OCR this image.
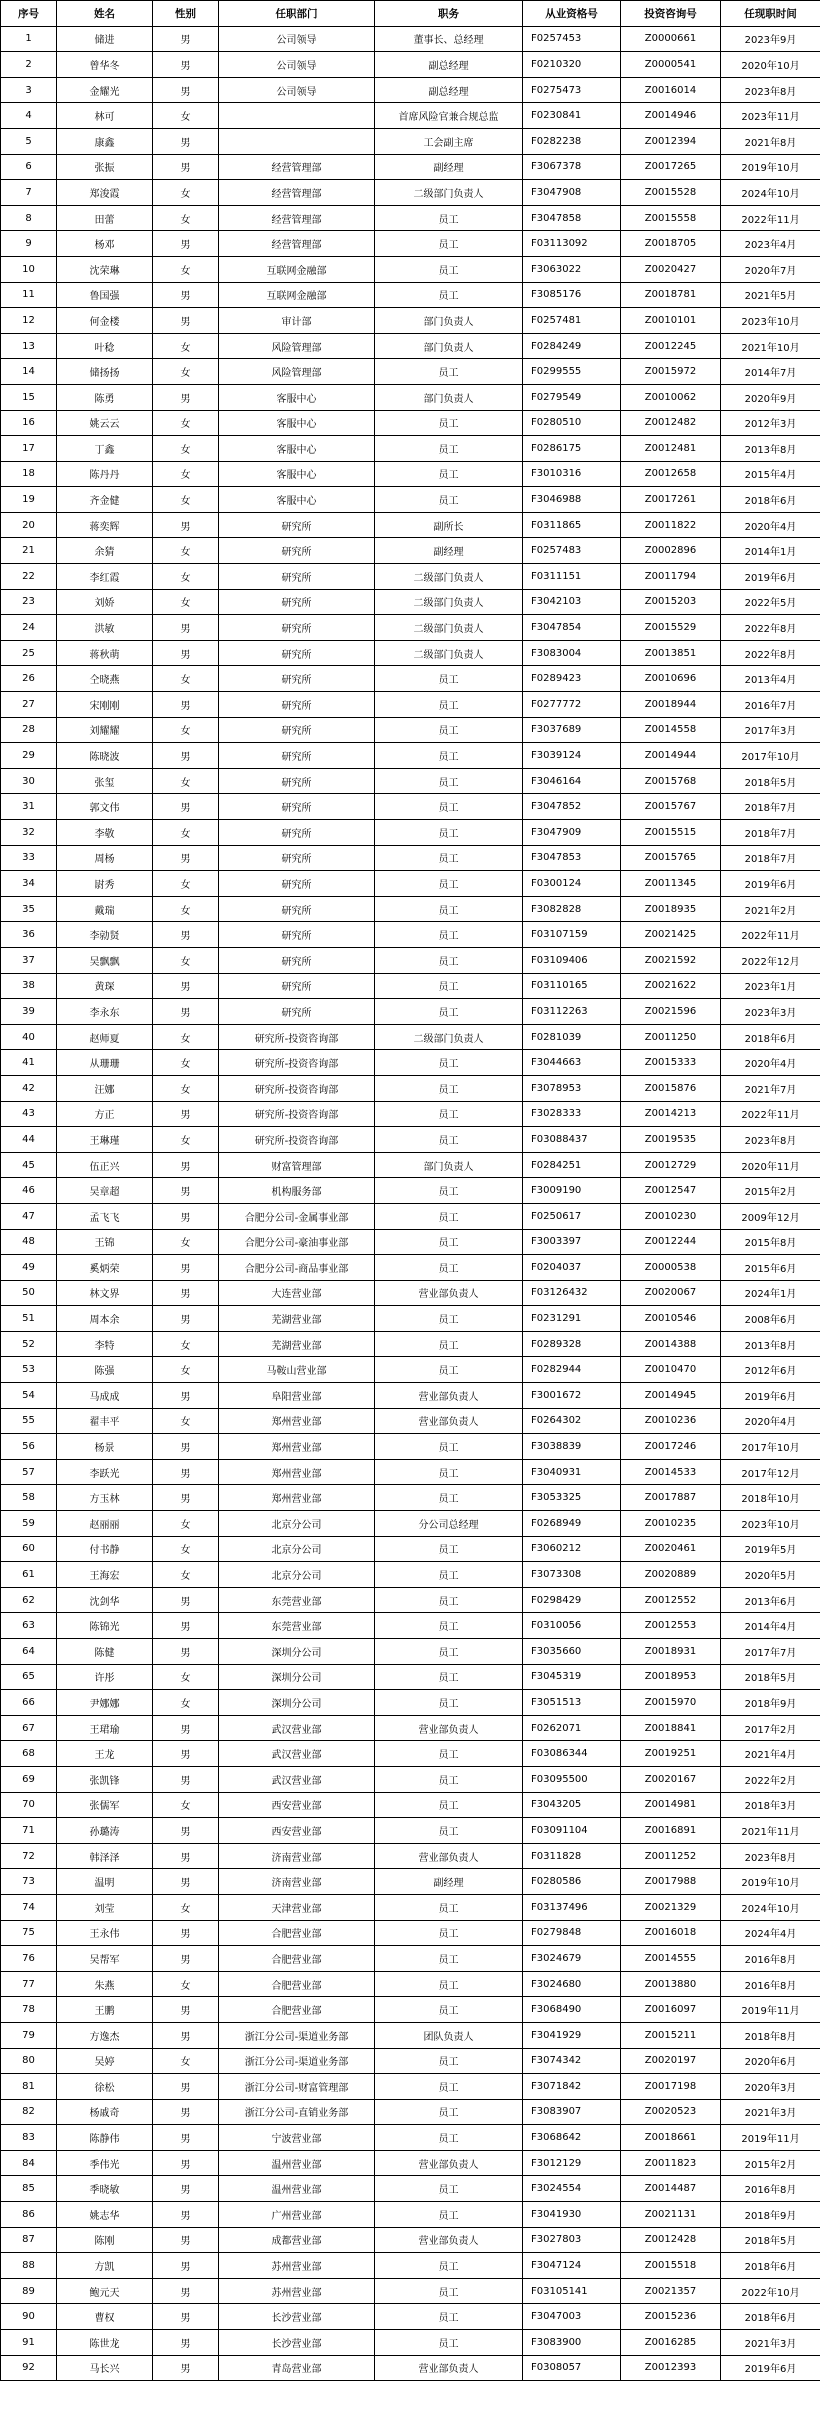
序号	姓名	性别	任职部门	职务	从业资格号	投资咨询号	任现职时间
1	储进	男	公司领导	董事长、总经理	F0257453	Z0000661	2023年9月
2	曾华冬	男	公司领导	副总经理	F0210320	Z0000541	2020年10月
3	金耀光	男	公司领导	副总经理	F0275473	Z0016014	2023年8月
4	林可	女		首席风险官兼合规总监	F0230841	Z0014946	2023年11月
5	康鑫	男		工会副主席	F0282238	Z0012394	2021年8月
6	张振	男	经营管理部	副经理	F3067378	Z0017265	2019年10月
7	郑浚霞	女	经营管理部	二级部门负责人	F3047908	Z0015528	2024年10月
8	田蕾	女	经营管理部	员工	F3047858	Z0015558	2022年11月
9	杨邓	男	经营管理部	员工	F03113092	Z0018705	2023年4月
10	沈荣琳	女	互联网金融部	员工	F3063022	Z0020427	2020年7月
11	鲁国强	男	互联网金融部	员工	F3085176	Z0018781	2021年5月
12	何金楼	男	审计部	部门负责人	F0257481	Z0010101	2023年10月
13	叶稔	女	风险管理部	部门负责人	F0284249	Z0012245	2021年10月
14	储扬扬	女	风险管理部	员工	F0299555	Z0015972	2014年7月
15	陈勇	男	客服中心	部门负责人	F0279549	Z0010062	2020年9月
16	姚云云	女	客服中心	员工	F0280510	Z0012482	2012年3月
17	丁鑫	女	客服中心	员工	F0286175	Z0012481	2013年8月
18	陈丹丹	女	客服中心	员工	F3010316	Z0012658	2015年4月
19	齐金健	女	客服中心	员工	F3046988	Z0017261	2018年6月
20	蒋奕辉	男	研究所	副所长	F0311865	Z0011822	2020年4月
21	余猜	女	研究所	副经理	F0257483	Z0002896	2014年1月
22	李红霞	女	研究所	二级部门负责人	F0311151	Z0011794	2019年6月
23	刘娇	女	研究所	二级部门负责人	F3042103	Z0015203	2022年5月
24	洪敏	男	研究所	二级部门负责人	F3047854	Z0015529	2022年8月
25	蒋秋萌	男	研究所	二级部门负责人	F3083004	Z0013851	2022年8月
26	仝晓燕	女	研究所	员工	F0289423	Z0010696	2013年4月
27	宋刚刚	男	研究所	员工	F0277772	Z0018944	2016年7月
28	刘耀耀	女	研究所	员工	F3037689	Z0014558	2017年3月
29	陈晓波	男	研究所	员工	F3039124	Z0014944	2017年10月
30	张玺	女	研究所	员工	F3046164	Z0015768	2018年5月
31	郭文伟	男	研究所	员工	F3047852	Z0015767	2018年7月
32	李敬	女	研究所	员工	F3047909	Z0015515	2018年7月
33	周杨	男	研究所	员工	F3047853	Z0015765	2018年7月
34	尉秀	女	研究所	员工	F0300124	Z0011345	2019年6月
35	戴瑞	女	研究所	员工	F3082828	Z0018935	2021年2月
36	李勍贤	男	研究所	员工	F03107159	Z0021425	2022年11月
37	吴飘飘	女	研究所	员工	F03109406	Z0021592	2022年12月
38	黄琛	男	研究所	员工	F03110165	Z0021622	2023年1月
39	李永东	男	研究所	员工	F03112263	Z0021596	2023年3月
40	赵师夏	女	研究所-投资咨询部	二级部门负责人	F0281039	Z0011250	2018年6月
41	从珊珊	女	研究所-投资咨询部	员工	F3044663	Z0015333	2020年4月
42	汪娜	女	研究所-投资咨询部	员工	F3078953	Z0015876	2021年7月
43	方正	男	研究所-投资咨询部	员工	F3028333	Z0014213	2022年11月
44	王琳瑾	女	研究所-投资咨询部	员工	F03088437	Z0019535	2023年8月
45	伍正兴	男	财富管理部	部门负责人	F0284251	Z0012729	2020年11月
46	吴章超	男	机构服务部	员工	F3009190	Z0012547	2015年2月
47	孟飞飞	男	合肥分公司-金属事业部	员工	F0250617	Z0010230	2009年12月
48	王锦	女	合肥分公司-豪油事业部	员工	F3003397	Z0012244	2015年8月
49	奚炳荣	男	合肥分公司-商品事业部	员工	F0204037	Z0000538	2015年6月
50	林文界	男	大连营业部	营业部负责人	F03126432	Z0020067	2024年1月
51	周本余	男	芜湖营业部	员工	F0231291	Z0010546	2008年6月
52	李特	女	芜湖营业部	员工	F0289328	Z0014388	2013年8月
53	陈强	女	马鞍山营业部	员工	F0282944	Z0010470	2012年6月
54	马成成	男	阜阳营业部	营业部负责人	F3001672	Z0014945	2019年6月
55	翟丰平	女	郑州营业部	营业部负责人	F0264302	Z0010236	2020年4月
56	杨景	男	郑州营业部	员工	F3038839	Z0017246	2017年10月
57	李跃光	男	郑州营业部	员工	F3040931	Z0014533	2017年12月
58	方玉林	男	郑州营业部	员工	F3053325	Z0017887	2018年10月
59	赵丽丽	女	北京分公司	分公司总经理	F0268949	Z0010235	2023年10月
60	付书静	女	北京分公司	员工	F3060212	Z0020461	2019年5月
61	王海宏	女	北京分公司	员工	F3073308	Z0020889	2020年5月
62	沈剑华	男	东莞营业部	员工	F0298429	Z0012552	2013年6月
63	陈锦光	男	东莞营业部	员工	F0310056	Z0012553	2014年4月
64	陈健	男	深圳分公司	员工	F3035660	Z0018931	2017年7月
65	许彤	女	深圳分公司	员工	F3045319	Z0018953	2018年5月
66	尹娜娜	女	深圳分公司	员工	F3051513	Z0015970	2018年9月
67	王珺瑜	男	武汉营业部	营业部负责人	F0262071	Z0018841	2017年2月
68	王龙	男	武汉营业部	员工	F03086344	Z0019251	2021年4月
69	张凯锋	男	武汉营业部	员工	F03095500	Z0020167	2022年2月
70	张儒军	女	西安营业部	员工	F3043205	Z0014981	2018年3月
71	孙璐涛	男	西安营业部	员工	F03091104	Z0016891	2021年11月
72	韩泽泽	男	济南营业部	营业部负责人	F0311828	Z0011252	2023年8月
73	温明	男	济南营业部	副经理	F0280586	Z0017988	2019年10月
74	刘莹	女	天津营业部	员工	F03137496	Z0021329	2024年10月
75	王永伟	男	合肥营业部	员工	F0279848	Z0016018	2024年4月
76	吴帮军	男	合肥营业部	员工	F3024679	Z0014555	2016年8月
77	朱燕	女	合肥营业部	员工	F3024680	Z0013880	2016年8月
78	王鹏	男	合肥营业部	员工	F3068490	Z0016097	2019年11月
79	方逸杰	男	浙江分公司-渠道业务部	团队负责人	F3041929	Z0015211	2018年8月
80	吴婷	女	浙江分公司-渠道业务部	员工	F3074342	Z0020197	2020年6月
81	徐松	男	浙江分公司-财富管理部	员工	F3071842	Z0017198	2020年3月
82	杨戚奇	男	浙江分公司-直销业务部	员工	F3083907	Z0020523	2021年3月
83	陈静伟	男	宁波营业部	员工	F3068642	Z0018661	2019年11月
84	季伟光	男	温州营业部	营业部负责人	F3012129	Z0011823	2015年2月
85	季晓敏	男	温州营业部	员工	F3024554	Z0014487	2016年8月
86	姚志华	男	广州营业部	员工	F3041930	Z0021131	2018年9月
87	陈刚	男	成都营业部	营业部负责人	F3027803	Z0012428	2018年5月
88	方凯	男	苏州营业部	员工	F3047124	Z0015518	2018年6月
89	鲍元天	男	苏州营业部	员工	F03105141	Z0021357	2022年10月
90	曹权	男	长沙营业部	员工	F3047003	Z0015236	2018年6月
91	陈世龙	男	长沙营业部	员工	F3083900	Z0016285	2021年3月
92	马长兴	男	青岛营业部	营业部负责人	F0308057	Z0012393	2019年6月
